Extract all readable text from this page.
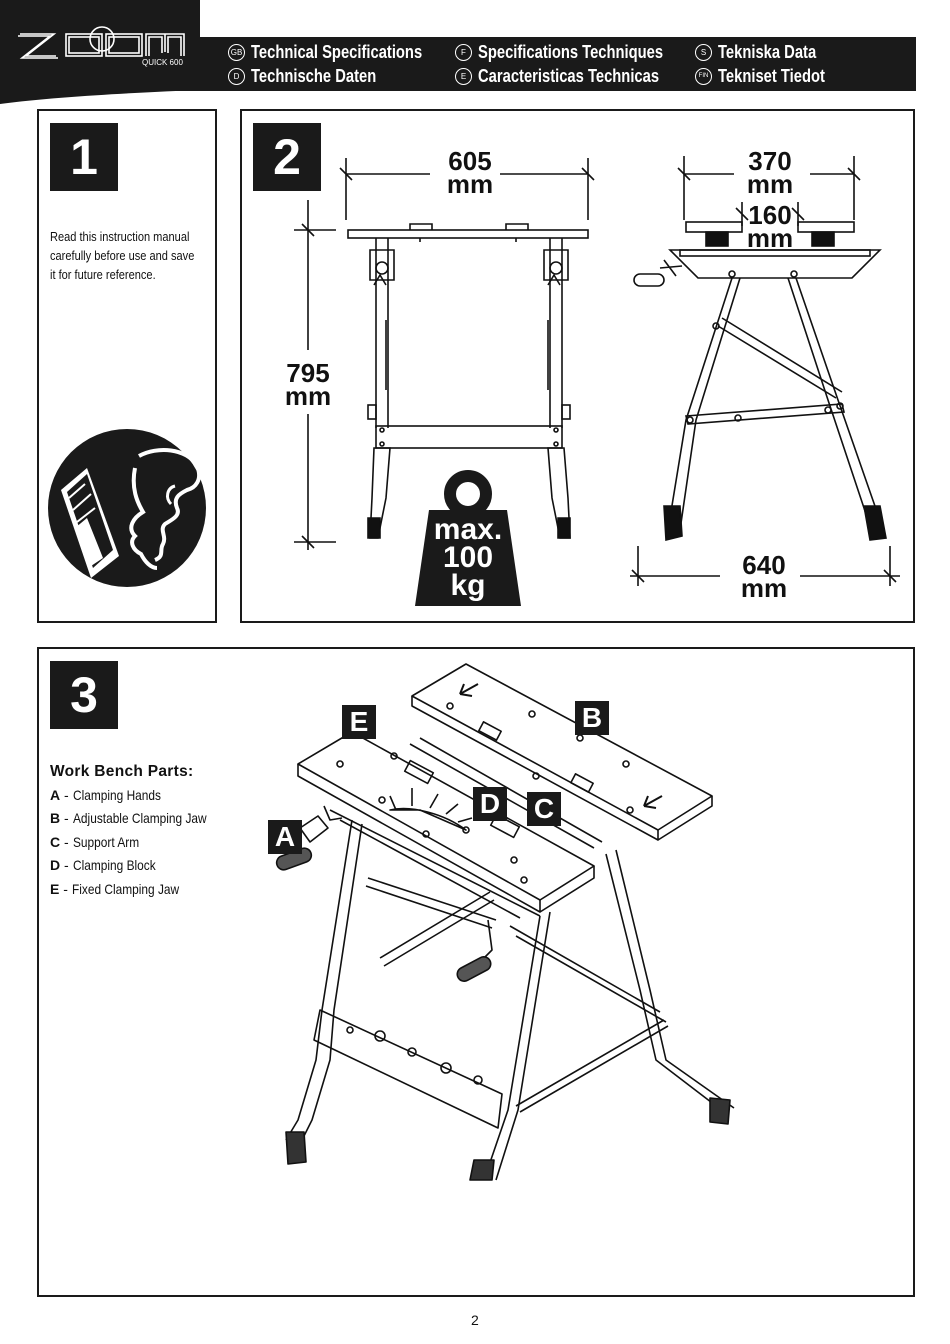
QUICK 600
GB Technical Specifications
D Technische Daten
F Specifications Techniques
E Caracteristicas Technicas
S Tekniska Data
FIN Tekniset Tiedot
1
Read this instruction manual
carefully before use and save
it for future reference.
2	605
mm
795
mm
370
mm
160
mm
640
mm
max.
100
kg
3
Work Bench Parts:
A - Clamping Hands
B - Adjustable Clamping Jaw
C - Support Arm
D - Clamping Block
E - Fixed Clamping Jaw
A
B
C
D
E
2
